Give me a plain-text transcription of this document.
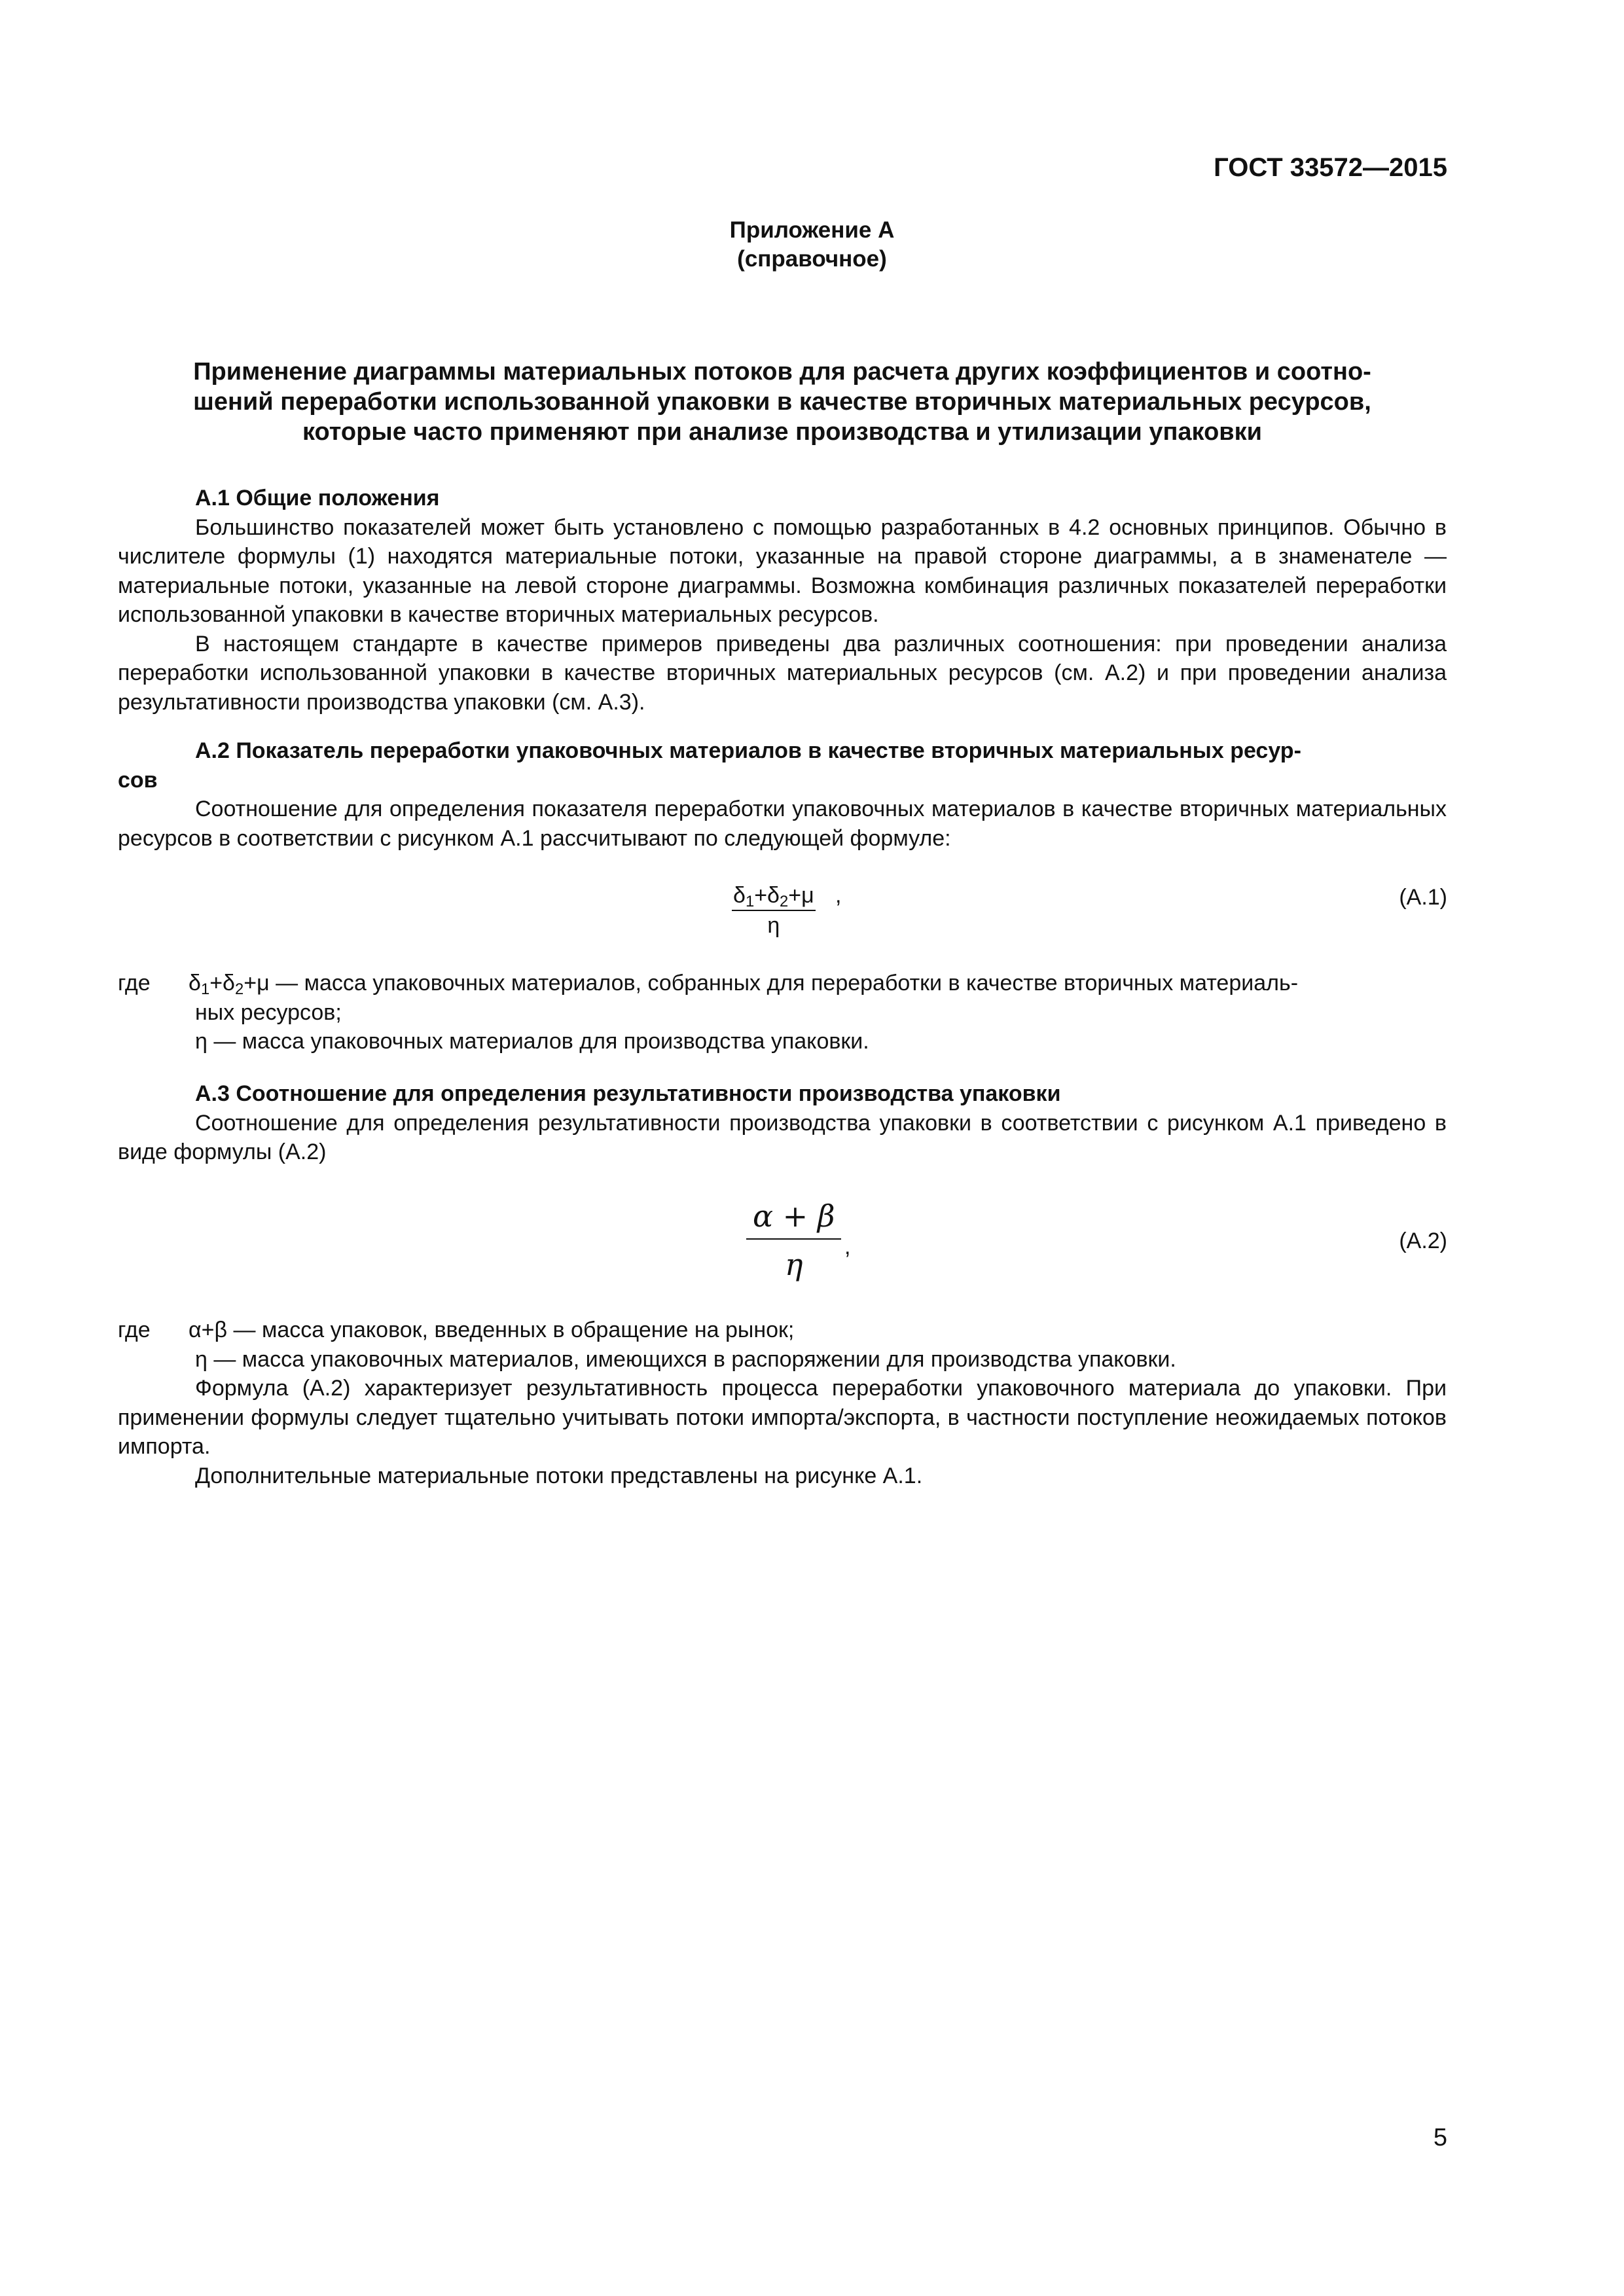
ГОСТ 33572—2015
Приложение А
(справочное)
Применение диаграммы материальных потоков для расчета других коэффициентов и соотно-
шений переработки использованной упаковки в качестве вторичных материальных ресурсов,
которые часто применяют при анализе производства и утилизации упаковки

А.1 Общие положения

Большинство показателей может быть установлено с помощью разработанных в 4.2 основных принципов. Обычно в числителе формулы (1) находятся материальные потоки, указанные на правой стороне диаграммы, а в знаменателе — материальные потоки, указанные на левой стороне диаграммы. Возможна комбинация различных показателей переработки использованной упаковки в качестве вторичных материальных ресурсов.

В настоящем стандарте в качестве примеров приведены два различных соотношения: при проведении анализа переработки использованной упаковки в качестве вторичных материальных ресурсов (см. А.2) и при проведении анализа результативности производства упаковки (см. А.3).

А.2 Показатель переработки упаковочных материалов в качестве вторичных материальных ресур-

сов

Соотношение для определения показателя переработки упаковочных материалов в качестве вторичных материальных ресурсов в соответствии с рисунком А.1 рассчитывают по следующей формуле:

$\delta_1+\delta_2+\mu$
η
,	(А.1)
где $\delta_1+\delta_2+\mu$ — масса упаковочных материалов, собранных для переработки в качестве вторичных материаль-
ных ресурсов;
η — масса упаковочных материалов для производства упаковки.

А.3 Соотношение для определения результативности производства упаковки

Соотношение для определения результативности производства упаковки в соответствии с рисунком А.1 приведено в виде формулы (А.2)

α + β
η	,	(А.2)
где α+β — масса упаковок, введенных в обращение на рынок;
η — масса упаковочных материалов, имеющихся в распоряжении для производства упаковки.
Формула (А.2) характеризует результативность процесса переработки упаковочного материала до упаковки. При применении формулы следует тщательно учитывать потоки импорта/экспорта, в частности поступление неожидаемых потоков импорта.
Дополнительные материальные потоки представлены на рисунке А.1.
5
